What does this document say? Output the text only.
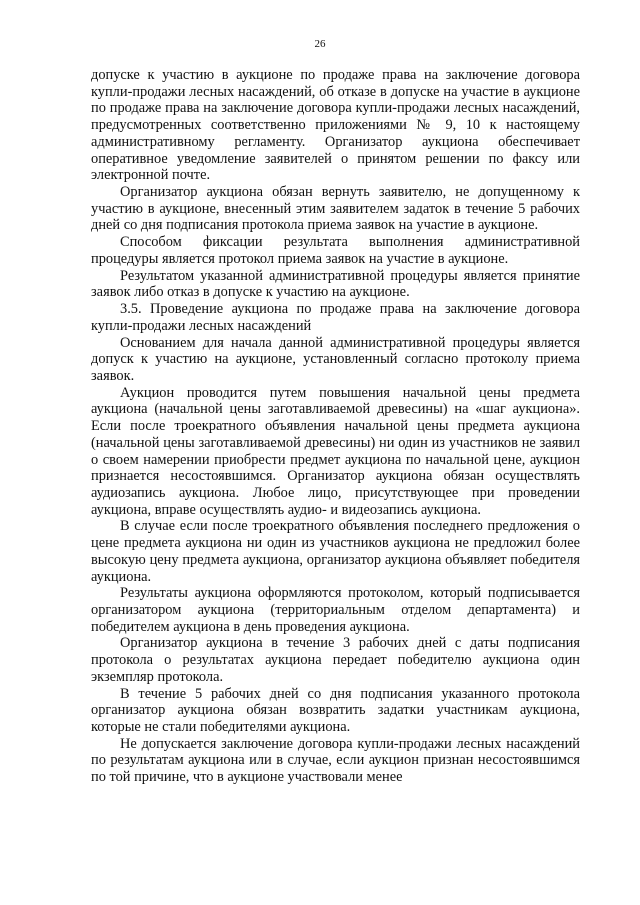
26

допуске к участию в аукционе по продаже права на заключение договора купли-продажи лесных насаждений, об отказе в допуске на участие в аукционе по продаже права на заключение договора купли-продажи лесных насаждений, предусмотренных соответственно приложениями № 9, 10 к настоящему административному регламенту. Организатор аукциона обеспечивает оперативное уведомление заявителей о принятом решении по факсу или электронной почте.

Организатор аукциона обязан вернуть заявителю, не допущенному к участию в аукционе, внесенный этим заявителем задаток в течение 5 рабочих дней со дня подписания протокола приема заявок на участие в аукционе.

Способом фиксации результата выполнения административной процедуры является протокол приема заявок на участие в аукционе.

Результатом указанной административной процедуры является принятие заявок либо отказ в допуске к участию на аукционе.

3.5. Проведение аукциона по продаже права на заключение договора купли-продажи лесных насаждений

Основанием для начала данной административной процедуры является допуск к участию на аукционе, установленный согласно протоколу приема заявок.

Аукцион проводится путем повышения начальной цены предмета аукциона (начальной цены заготавливаемой древесины) на «шаг аукциона». Если после троекратного объявления начальной цены предмета аукциона (начальной цены заготавливаемой древесины) ни один из участников не заявил о своем намерении приобрести предмет аукциона по начальной цене, аукцион признается несостоявшимся. Организатор аукциона обязан осуществлять аудиозапись аукциона. Любое лицо, присутствующее при проведении аукциона, вправе осуществлять аудио- и видеозапись аукциона.

В случае если после троекратного объявления последнего предложения о цене предмета аукциона ни один из участников аукциона не предложил более высокую цену предмета аукциона, организатор аукциона объявляет победителя аукциона.

Результаты аукциона оформляются протоколом, который подписывается организатором аукциона (территориальным отделом департамента) и победителем аукциона в день проведения аукциона.

Организатор аукциона в течение 3 рабочих дней с даты подписания протокола о результатах аукциона передает победителю аукциона один экземпляр протокола.

В течение 5 рабочих дней со дня подписания указанного протокола организатор аукциона обязан возвратить задатки участникам аукциона, которые не стали победителями аукциона.

Не допускается заключение договора купли-продажи лесных насаждений по результатам аукциона или в случае, если аукцион признан несостоявшимся по той причине, что в аукционе участвовали менее
